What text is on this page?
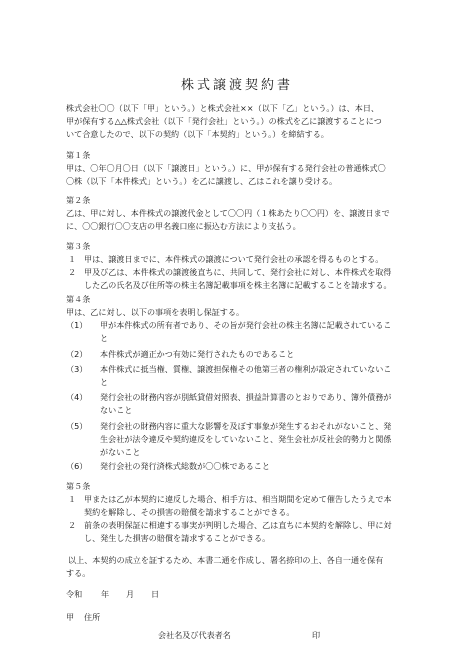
株式譲渡契約書
株式会社〇〇（以下「甲」という。）と株式会社××（以下「乙」という。）は、本日、
甲が保有する△△株式会社（以下「発行会社」という。）の株式を乙に譲渡することにつ
いて合意したので、以下の契約（以下「本契約」という。）を締結する。
第１条
甲は、〇年〇月〇日（以下「譲渡日」という。）に、甲が保有する発行会社の普通株式〇
〇株（以下「本件株式」という。）を乙に譲渡し、乙はこれを譲り受ける。
第２条
乙は、甲に対し、本件株式の譲渡代金として〇〇円（１株あたり〇〇円）を、譲渡日まで
に、〇〇銀行〇〇支店の甲名義口座に振込む方法により支払う。
第３条
１ 甲は、譲渡日までに、本件株式の譲渡について発行会社の承認を得るものとする。
２ 甲及び乙は、本件株式の譲渡後直ちに、共同して、発行会社に対し、本件株式を取得
した乙の氏名及び住所等の株主名簿記載事項を株主名簿に記載することを請求する。
第４条
甲は、乙に対し、以下の事項を表明し保証する。
（1） 甲が本件株式の所有者であり、その旨が発行会社の株主名簿に記載されているこ
と
（2） 本件株式が適正かつ有効に発行されたものであること
（3） 本件株式に抵当権、質権、譲渡担保権その他第三者の権利が設定されていないこ
と
（4） 発行会社の財務内容が別紙貸借対照表、損益計算書のとおりであり、簿外債務が
ないこと
（5） 発行会社の財務内容に重大な影響を及ぼす事象が発生するおそれがないこと、発
生会社が法令違反や契約違反をしていないこと、発生会社が反社会的勢力と関係
がないこと
（6） 発行会社の発行済株式総数が〇〇株であること
第５条
１ 甲または乙が本契約に違反した場合、相手方は、相当期間を定めて催告したうえで本
契約を解除し、その損害の賠償を請求することができる。
２ 前条の表明保証に相違する事実が判明した場合、乙は直ちに本契約を解除し、甲に対
し、発生した損害の賠償を請求することができる。
以上、本契約の成立を証するため、本書二通を作成し、署名捺印の上、各自一通を保有
する。
令和 年 月 日
甲 住所
会社名及び代表者名	印
